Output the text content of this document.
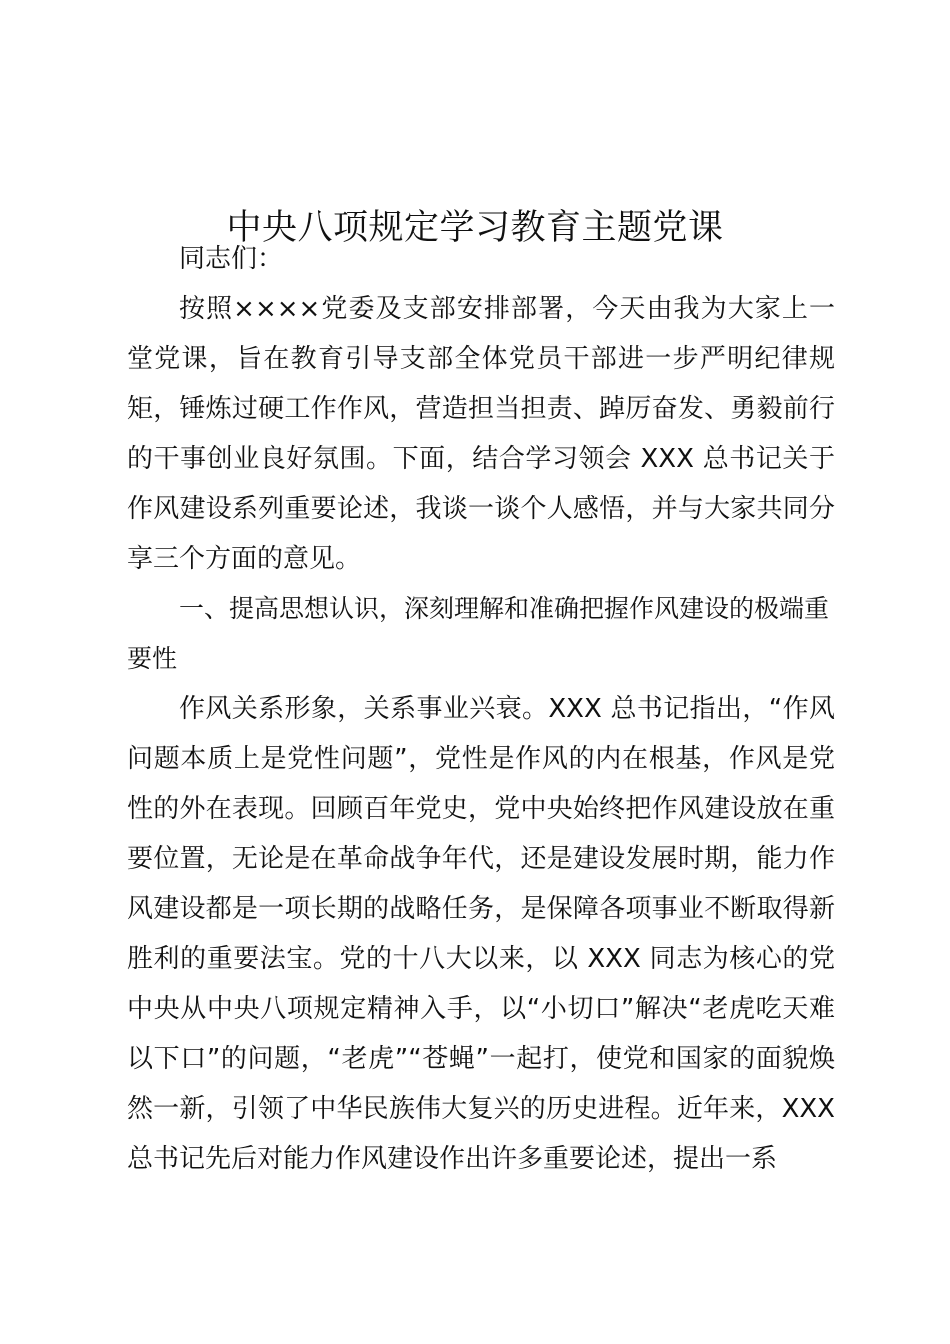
中央八项规定学习教育主题党课

同志们：

按照××××党委及支部安排部署，今天由我为大家上一堂党课，旨在教育引导支部全体党员干部进一步严明纪律规矩，锤炼过硬工作作风，营造担当担责、踔厉奋发、勇毅前行的干事创业良好氛围。下面，结合学习领会 XXX 总书记关于作风建设系列重要论述，我谈一谈个人感悟，并与大家共同分享三个方面的意见。

一、提高思想认识，深刻理解和准确把握作风建设的极端重要性

作风关系形象，关系事业兴衰。XXX 总书记指出，“作风问题本质上是党性问题”，党性是作风的内在根基，作风是党性的外在表现。回顾百年党史，党中央始终把作风建设放在重要位置，无论是在革命战争年代，还是建设发展时期，能力作风建设都是一项长期的战略任务，是保障各项事业不断取得新胜利的重要法宝。党的十八大以来，以 XXX 同志为核心的党中央从中央八项规定精神入手，以“小切口”解决“老虎吃天难以下口”的问题，“老虎”“苍蝇”一起打，使党和国家的面貌焕然一新，引领了中华民族伟大复兴的历史进程。近年来，XXX 总书记先后对能力作风建设作出许多重要论述，提出一系
